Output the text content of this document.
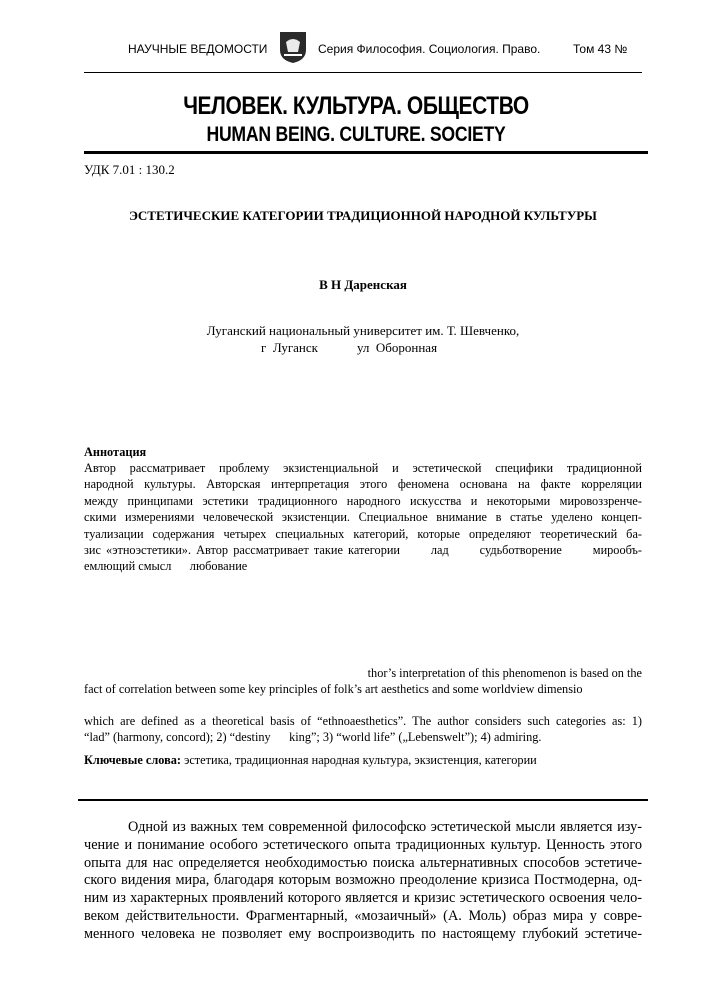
НАУЧНЫЕ ВЕДОМОСТИ	Серия Философия. Социология. Право.	Том 43 №
ЧЕЛОВЕК. КУЛЬТУРА. ОБЩЕСТВО
HUMAN BEING. CULTURE. SOCIETY
УДК 7.01 : 130.2
ЭСТЕТИЧЕСКИЕ КАТЕГОРИИ ТРАДИЦИОННОЙ НАРОДНОЙ КУЛЬТУРЫ
В Н Даренская
Луганский национальный университет им. Т. Шевченко,
г  Луганск            ул  Оборонная
Аннотация
Автор рассматривает проблему экзистенциальной и эстетической специфики традиционной
народной культуры. Авторская интерпретация этого феномена основана на факте корреляции
между принципами эстетики традиционного народного искусства и некоторыми мировоззренче-
скими измерениями человеческой экзистенции. Специальное внимание в статье уделено концеп-
туализации содержания четырех специальных категорий, которые определяют теоретический ба-
зис «этноэстетики». Автор рассматривает такие категории      лад      судьботворение      мирообъ-
емлющий смысл      любование
thor’s interpretation of this phenomenon is based on the
fact of correlation between some key principles of folk’s art aesthetics and some worldview dimensio
which are defined as a theoretical basis of “ethnoaesthetics”. The author considers such categories as: 1)
“lad” (harmony, concord); 2) “destiny      king”; 3) “world life” („Lebenswelt”); 4) admiring.
Ключевые слова: эстетика, традиционная народная культура, экзистенция, категории
Одной из важных тем современной философско эстетической мысли является изу-
чение и понимание особого эстетического опыта традиционных культур. Ценность этого
опыта для нас определяется необходимостью поиска альтернативных способов эстетиче-
ского видения мира, благодаря которым возможно преодоление кризиса Постмодерна, од-
ним из характерных проявлений которого является и кризис эстетического освоения чело-
веком действительности. Фрагментарный, «мозаичный» (А. Моль) образ мира у совре-
менного человека не позволяет ему воспроизводить по настоящему глубокий эстетиче-
